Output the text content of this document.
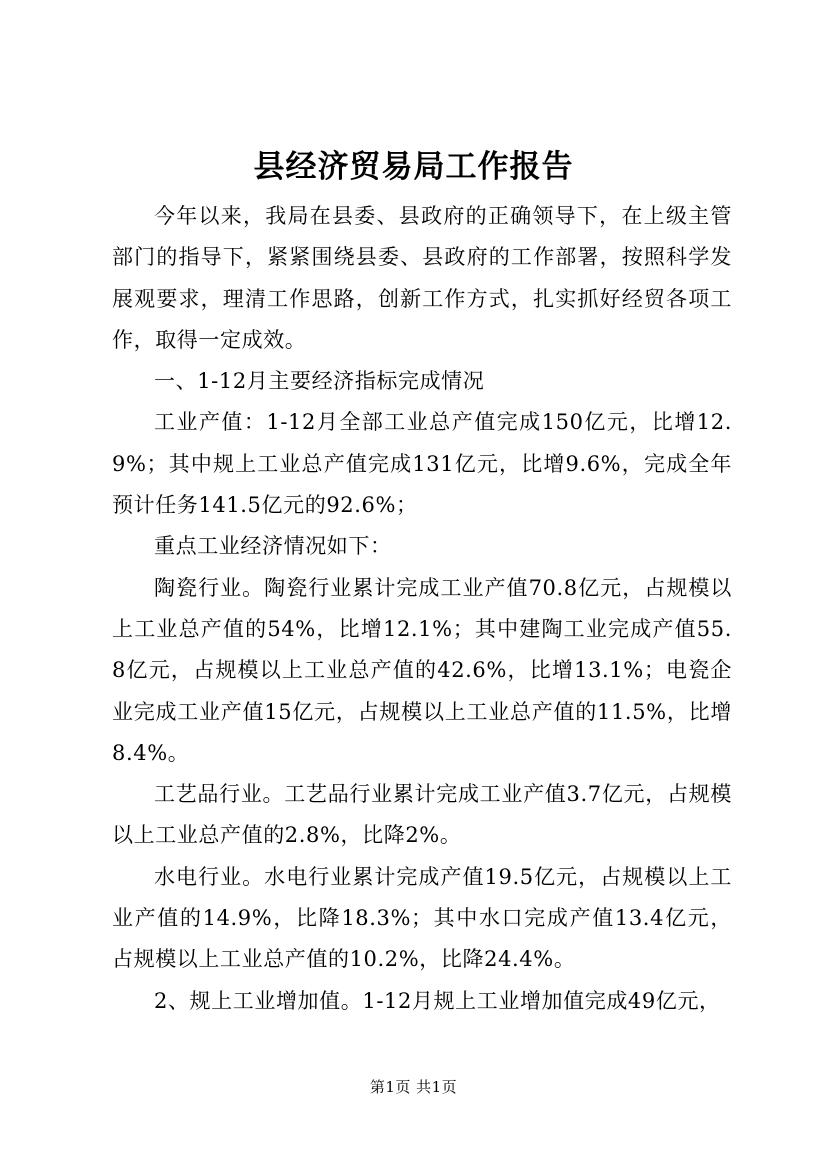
县经济贸易局工作报告

今年以来，我局在县委、县政府的正确领导下，在上级主管部门的指导下，紧紧围绕县委、县政府的工作部署，按照科学发展观要求，理清工作思路，创新工作方式，扎实抓好经贸各项工作，取得一定成效。

一、1-12月主要经济指标完成情况

工业产值：1-12月全部工业总产值完成150亿元，比增12.9%；其中规上工业总产值完成131亿元，比增9.6%，完成全年预计任务141.5亿元的92.6%；

重点工业经济情况如下：

陶瓷行业。陶瓷行业累计完成工业产值70.8亿元，占规模以上工业总产值的54%，比增12.1%；其中建陶工业完成产值55.8亿元，占规模以上工业总产值的42.6%，比增13.1%；电瓷企业完成工业产值15亿元，占规模以上工业总产值的11.5%，比增8.4%。

工艺品行业。工艺品行业累计完成工业产值3.7亿元，占规模以上工业总产值的2.8%，比降2%。

水电行业。水电行业累计完成产值19.5亿元，占规模以上工业产值的14.9%，比降18.3%；其中水口完成产值13.4亿元，占规模以上工业总产值的10.2%，比降24.4%。

2、规上工业增加值。1-12月规上工业增加值完成49亿元，

第1页 共1页
